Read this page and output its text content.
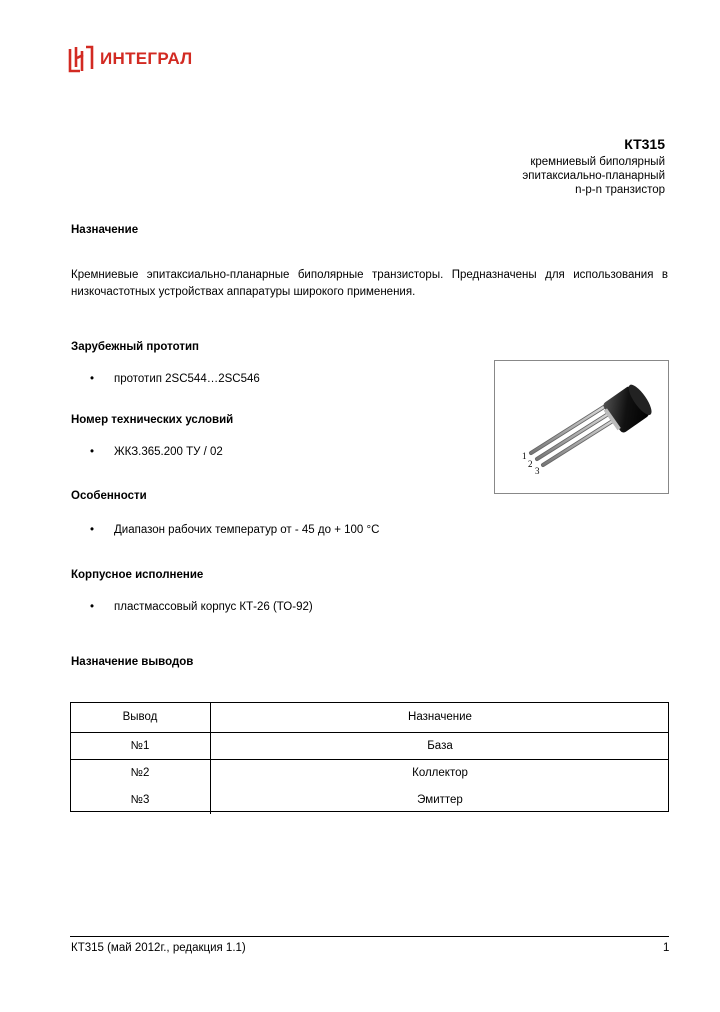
ИНТЕГРАЛ
КТ315
кремниевый биполярный
эпитаксиально-планарный
n-p-n транзистор
Назначение
Кремниевые эпитаксиально-планарные биполярные транзисторы. Предназначены для использования в низкочастотных устройствах аппаратуры широкого применения.
Зарубежный прототип
•	прототип 2SC544…2SC546
Номер технических условий
•	ЖКЗ.365.200 ТУ / 02
Особенности
•	Диапазон рабочих температур от - 45 до + 100 °С
Корпусное исполнение
•	пластмассовый корпус КТ-26 (ТО-92)
Назначение выводов
1
2
3
Вывод	Назначение
№1	База
№2	Коллектор
№3	Эмиттер
КТ315 (май 2012г., редакция 1.1)	1
